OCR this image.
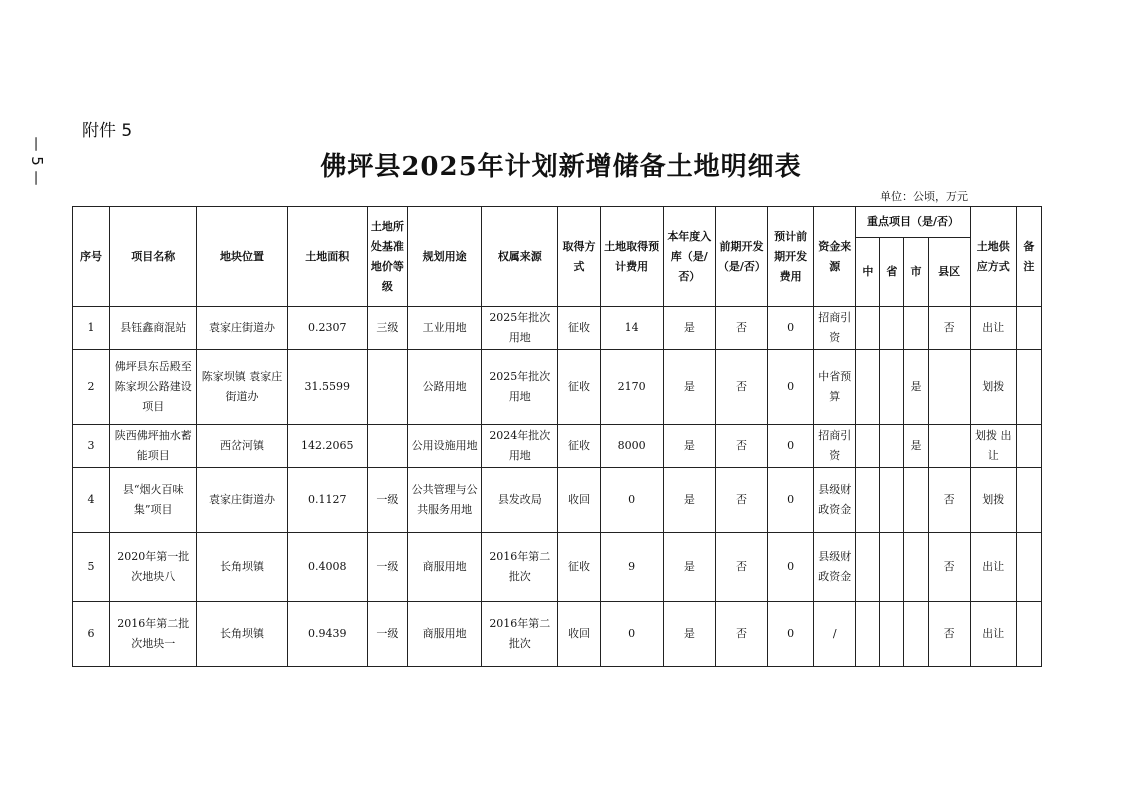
— 5 —
附件 5
佛坪县2025年计划新增储备土地明细表
单位：公顷，万元
序号	项目名称	地块位置	土地面积	土地所处基准地价等级	规划用途	权属来源	取得方式	土地取得预计费用	本年度入库（是/否）	前期开发（是/否）	预计前期开发费用	资金来源	重点项目（是/否）				土地供应方式	备注
													中	省	市	县区		
1	县钰鑫商混站	袁家庄街道办	0.2307	三级	工业用地	2025年批次用地	征收	14	是	否	0	招商引资				否	出让	
2	佛坪县东岳殿至陈家坝公路建设项目	陈家坝镇 袁家庄街道办	31.5599		公路用地	2025年批次用地	征收	2170	是	否	0	中省预算			是		划拨	
3	陕西佛坪抽水蓄能项目	西岔河镇	142.2065		公用设施用地	2024年批次用地	征收	8000	是	否	0	招商引资			是		划拨 出让	
4	县“烟火百味集”项目	袁家庄街道办	0.1127	一级	公共管理与公共服务用地	县发改局	收回	0	是	否	0	县级财政资金				否	划拨	
5	2020年第一批次地块八	长角坝镇	0.4008	一级	商服用地	2016年第二批次	征收	9	是	否	0	县级财政资金				否	出让	
6	2016年第二批次地块一	长角坝镇	0.9439	一级	商服用地	2016年第二批次	收回	0	是	否	0	/				否	出让	
